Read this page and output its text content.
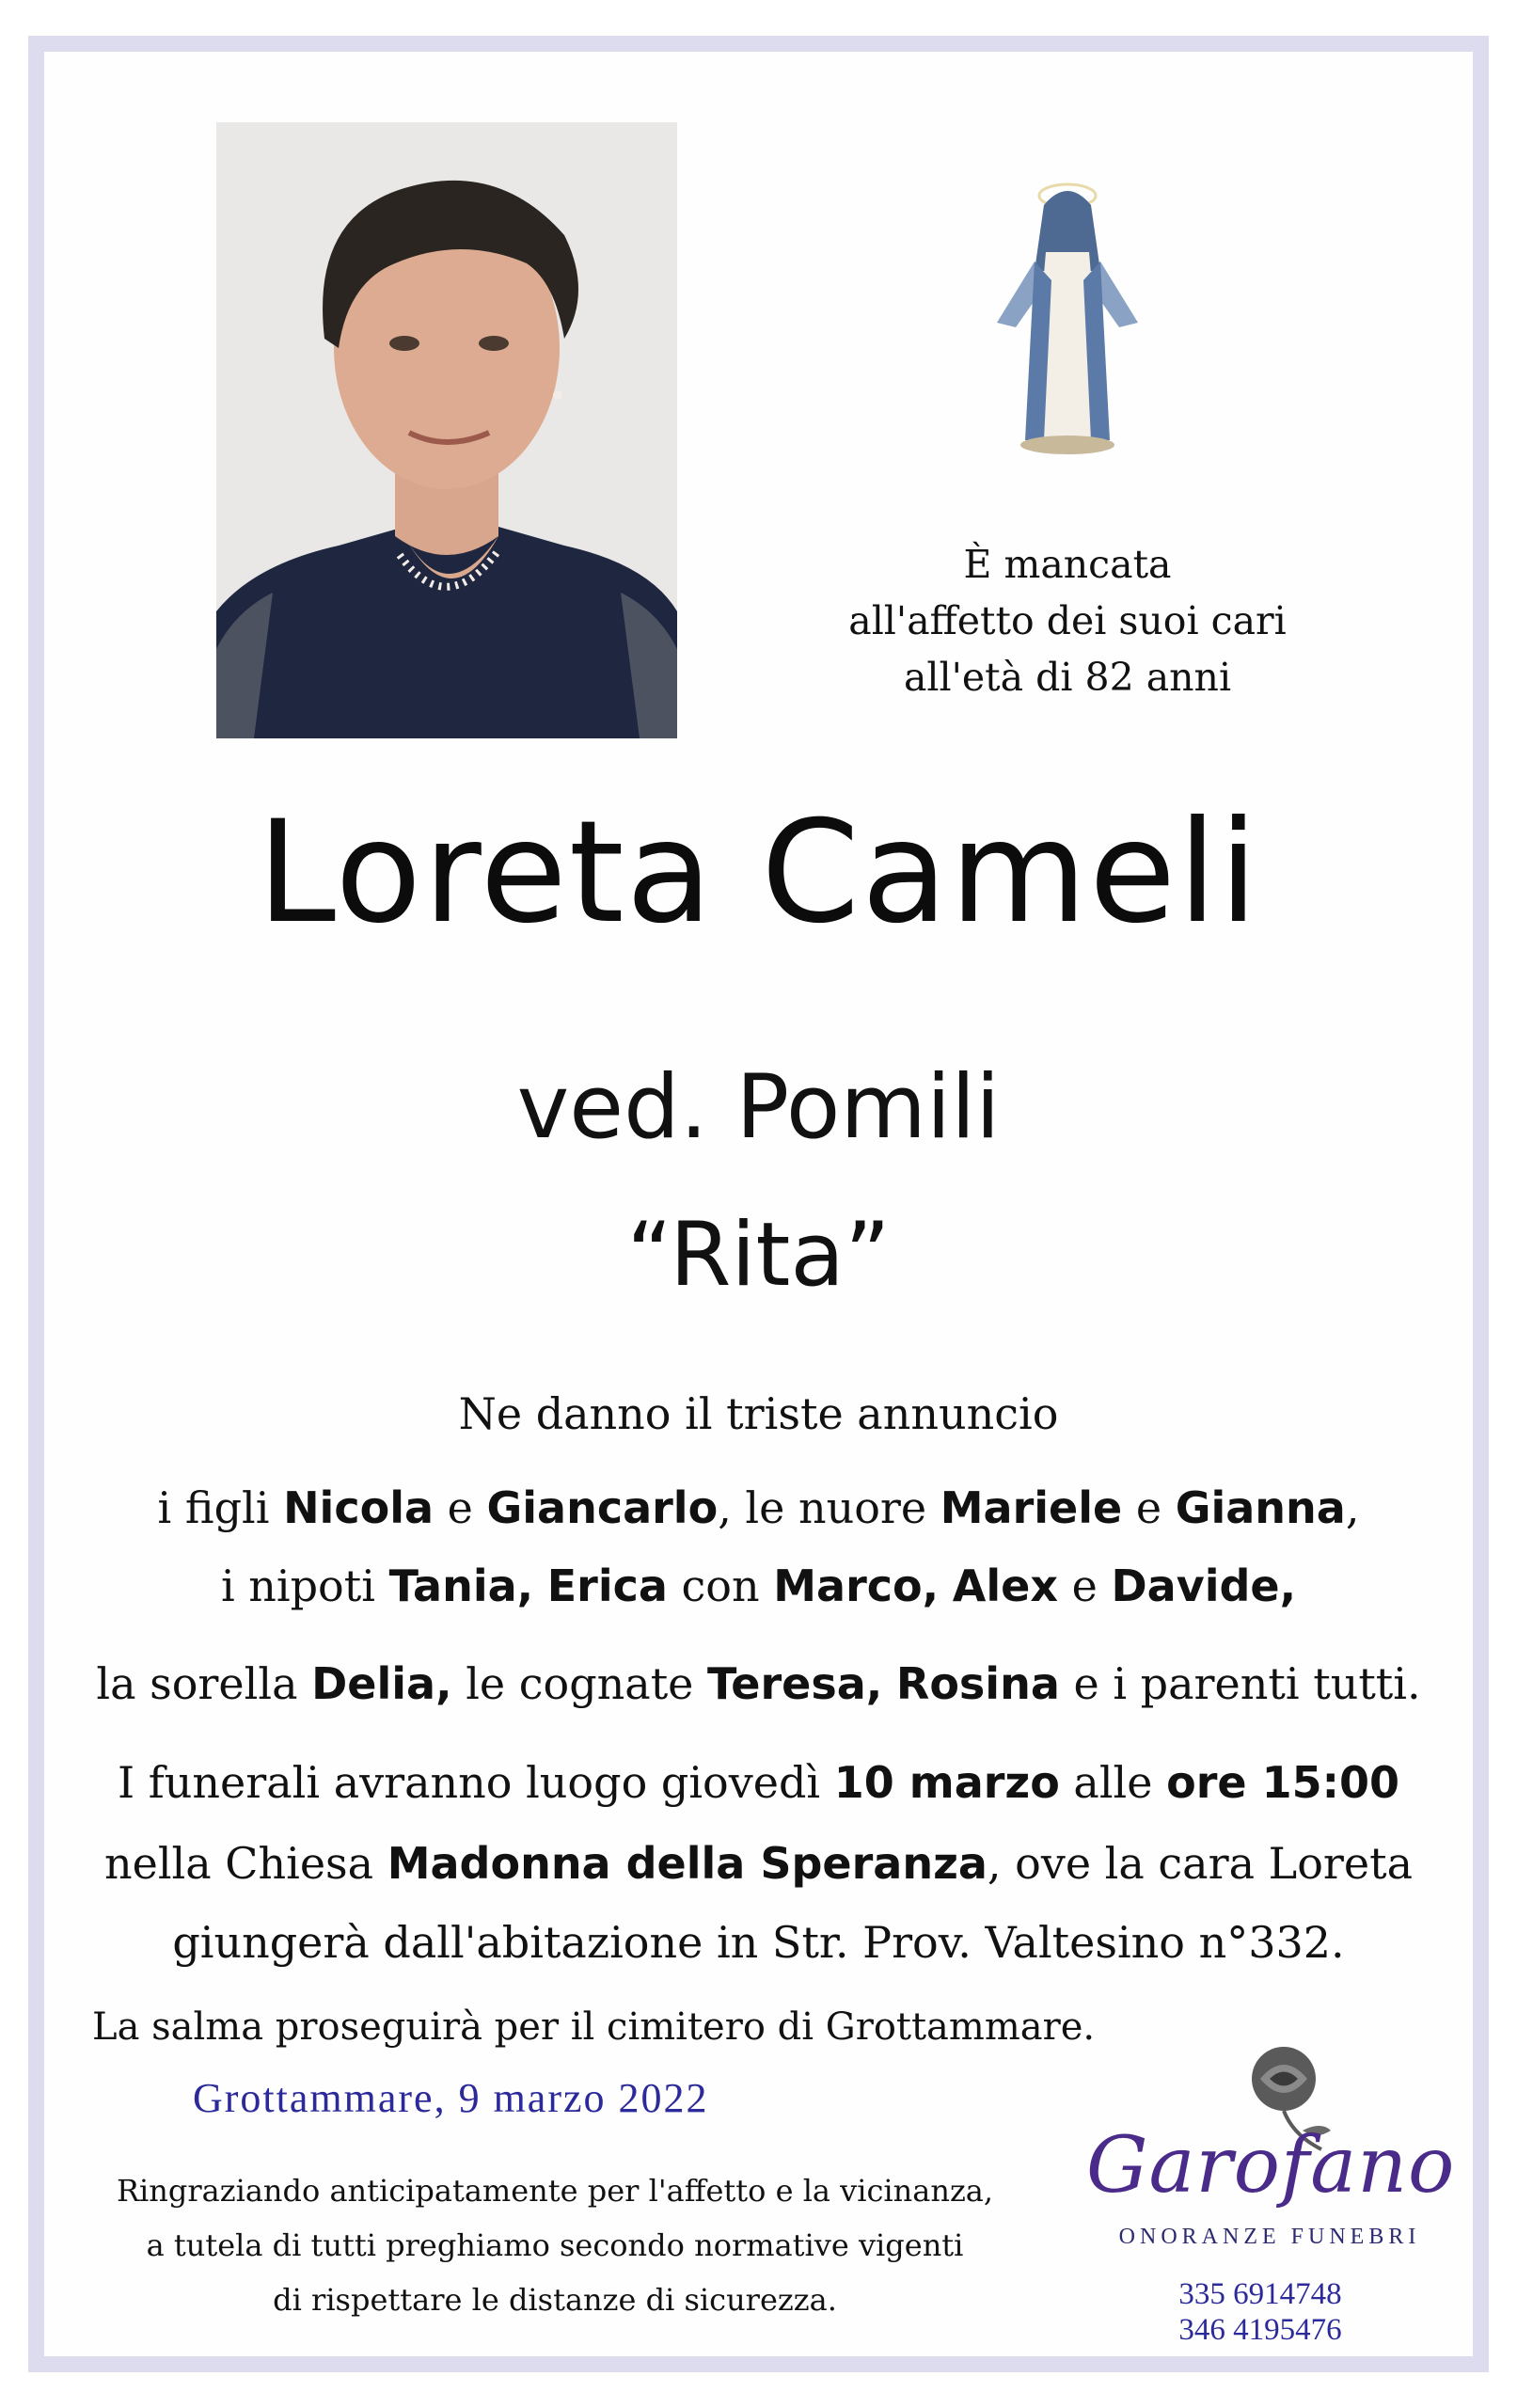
È mancata
all'affetto dei suoi cari
all'età di 82 anni
Loreta Cameli
ved. Pomili
“Rita”
Ne danno il triste annuncio
i figli Nicola e Giancarlo, le nuore Mariele e Gianna,
i nipoti Tania, Erica con Marco, Alex e Davide,
la sorella Delia, le cognate Teresa, Rosina e i parenti tutti.
I funerali avranno luogo giovedì 10 marzo alle ore 15:00
nella Chiesa Madonna della Speranza, ove la cara Loreta
giungerà dall'abitazione in Str. Prov. Valtesino n°332.
La salma proseguirà per il cimitero di Grottammare.
Grottammare, 9 marzo 2022
Ringraziando anticipatamente per l'affetto e la vicinanza,
a tutela di tutti preghiamo secondo normative vigenti
di rispettare le distanze di sicurezza.
Garofano
ONORANZE FUNEBRI
335 6914748
346 4195476
